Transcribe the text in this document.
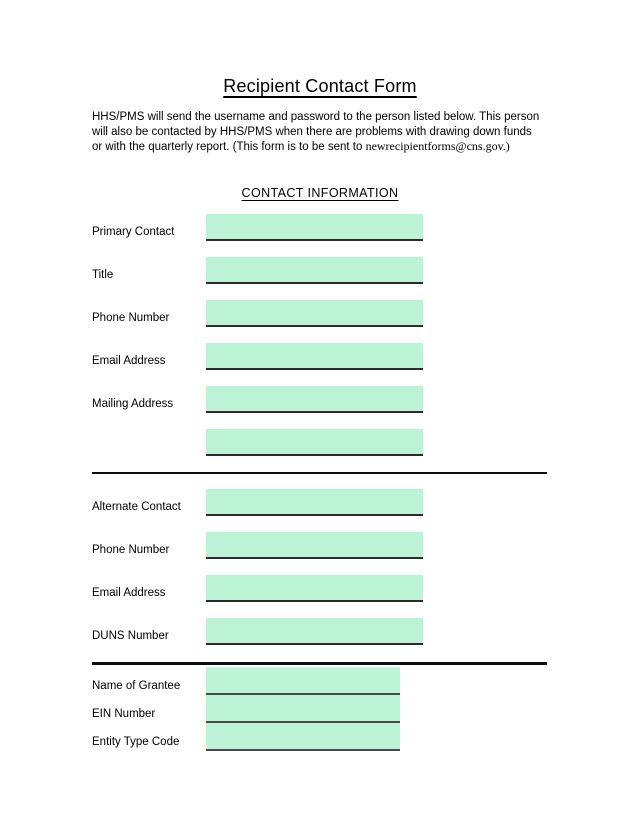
Recipient Contact Form

HHS/PMS will send the username and password to the person listed below. This person
will also be contacted by HHS/PMS when there are problems with drawing down funds
or with the quarterly report. (This form is to be sent to newrecipientforms@cns.gov.)

CONTACT INFORMATION
Primary Contact
Title
Phone Number
Email Address
Mailing Address
Alternate Contact
Phone Number
Email Address
DUNS Number
Name of Grantee
EIN Number
Entity Type Code
